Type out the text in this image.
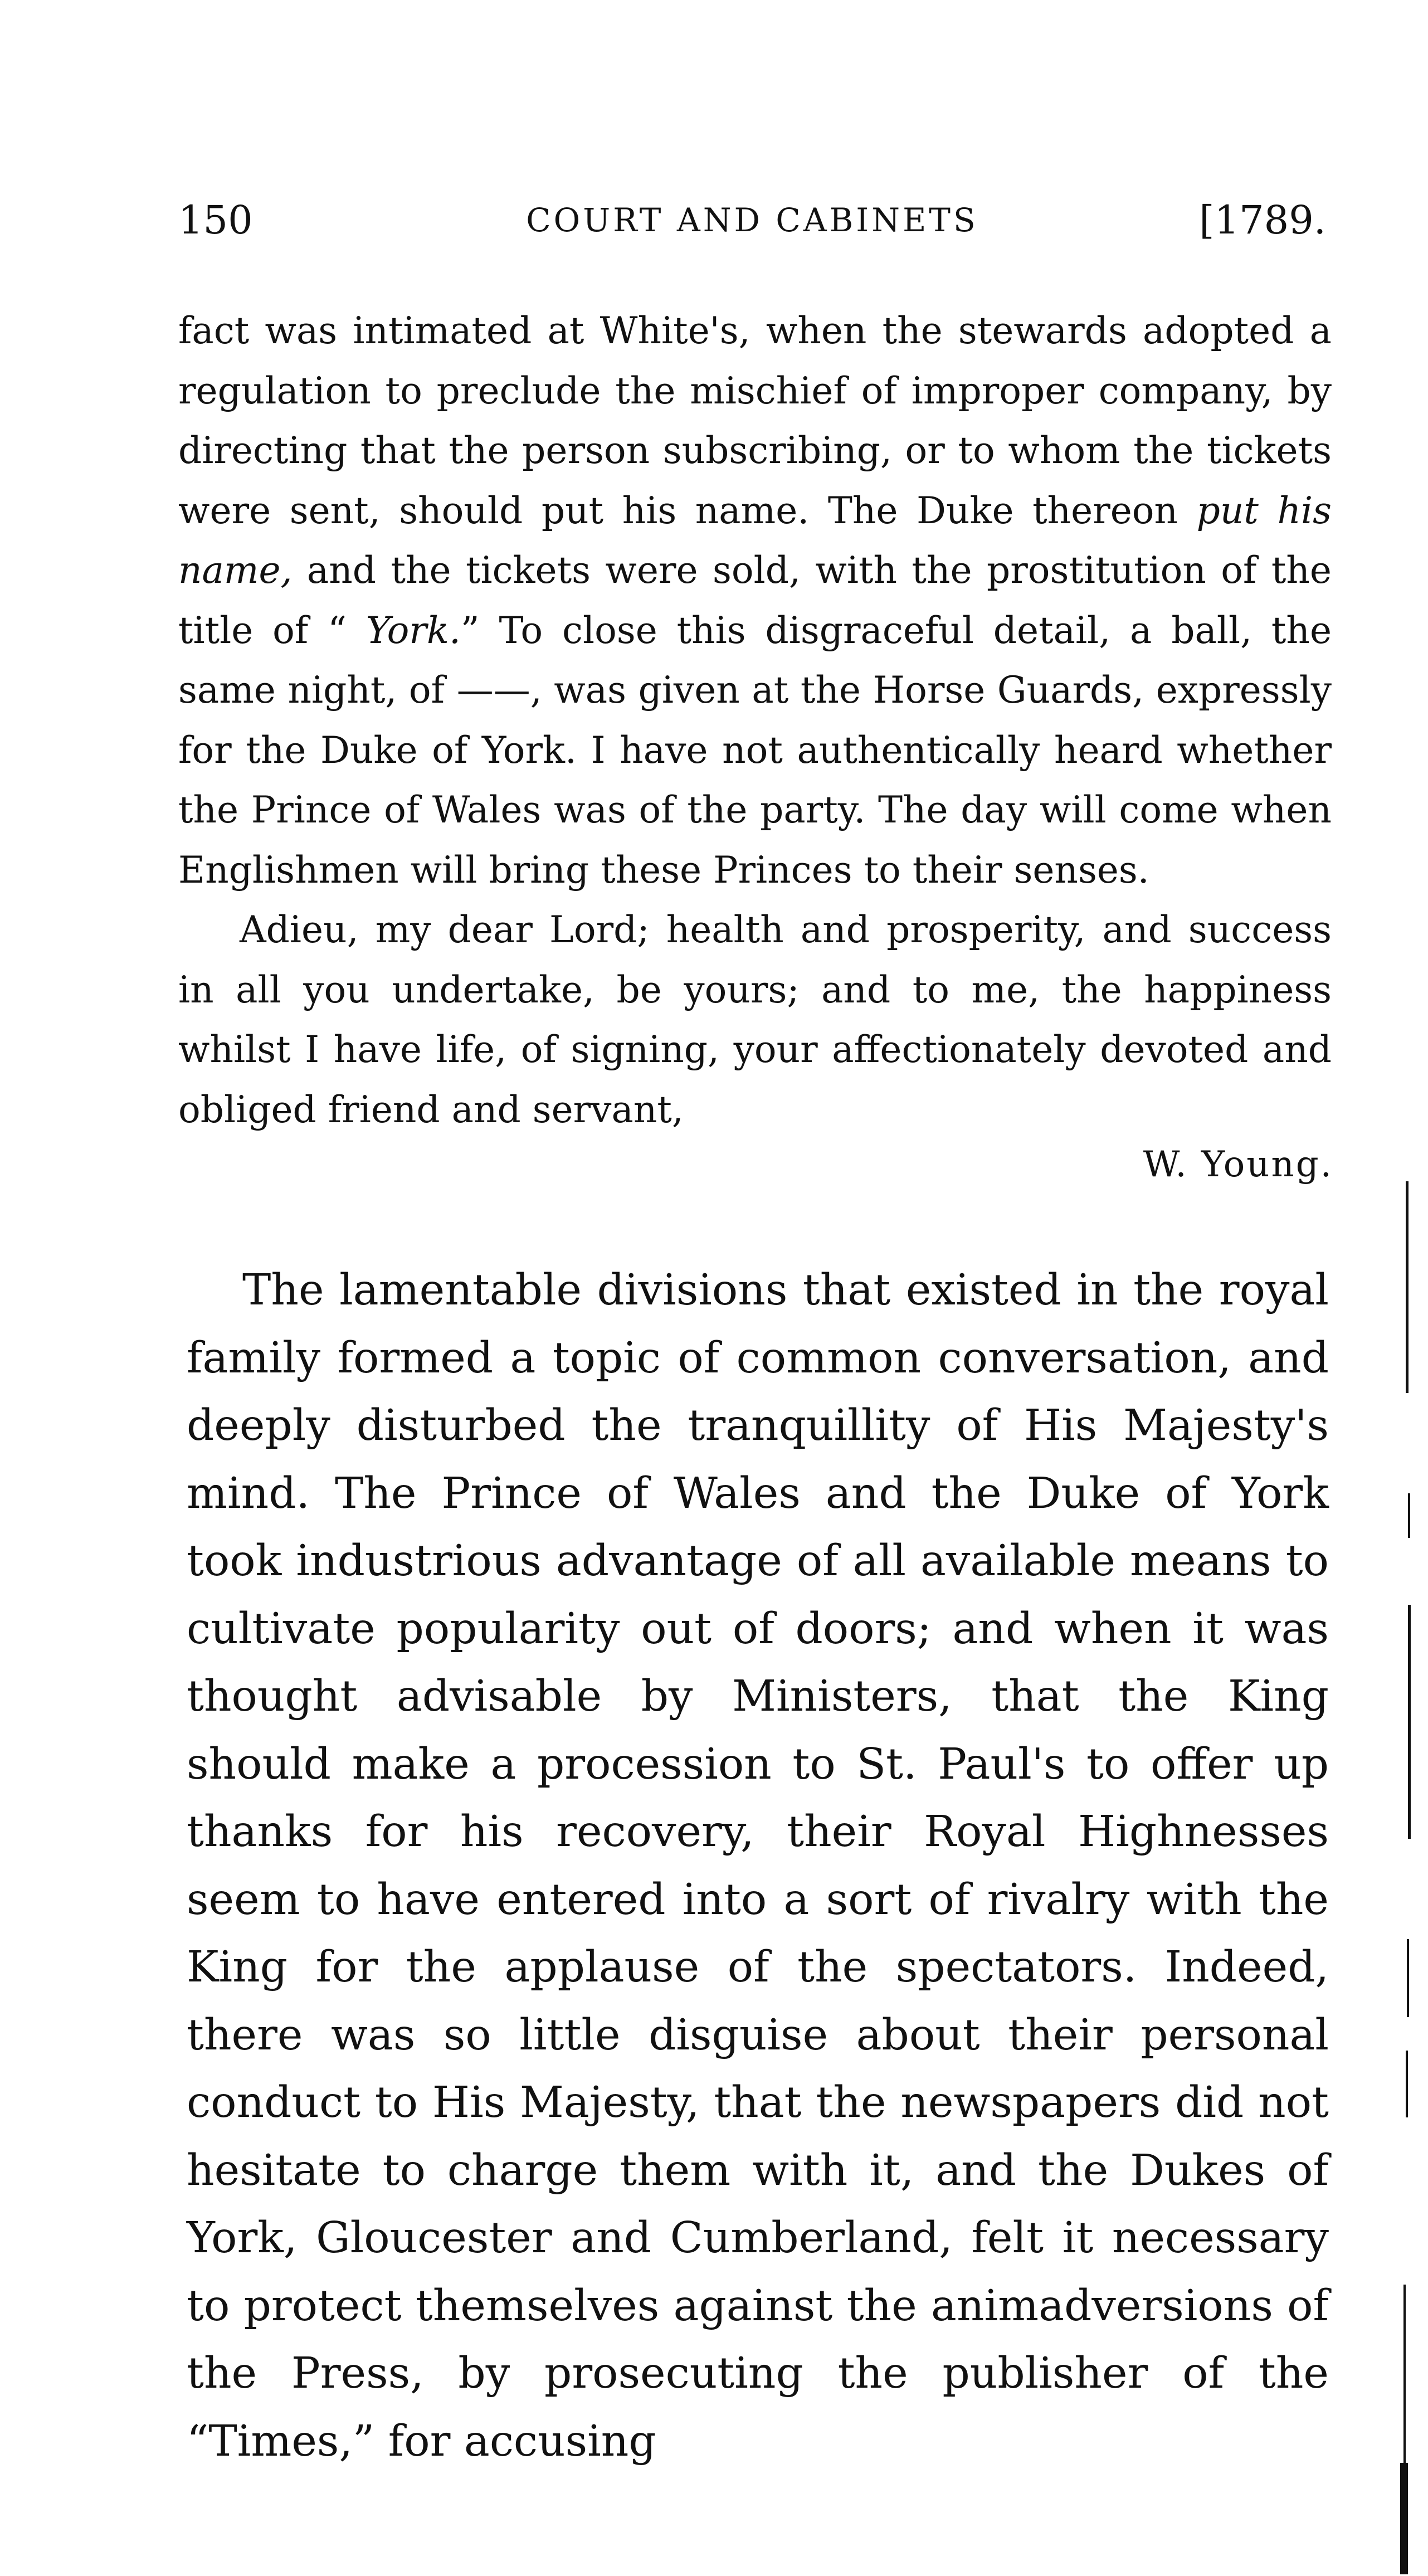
150	COURT AND CABINETS	[1789.

fact was intimated at White's, when the stewards adopted a regulation to preclude the mischief of improper company, by directing that the person subscribing, or to whom the tickets were sent, should put his name. The Duke thereon put his name, and the tickets were sold, with the prostitution of the title of “ York.” To close this disgraceful detail, a ball, the same night, of ——, was given at the Horse Guards, expressly for the Duke of York. I have not authentically heard whether the Prince of Wales was of the party. The day will come when Englishmen will bring these Princes to their senses.

Adieu, my dear Lord; health and prosperity, and success in all you undertake, be yours; and to me, the happiness whilst I have life, of signing, your affectionately devoted and obliged friend and servant,

W. Young.

The lamentable divisions that existed in the royal family formed a topic of common conversation, and deeply disturbed the tranquillity of His Majesty's mind. The Prince of Wales and the Duke of York took industrious advantage of all available means to cultivate popularity out of doors; and when it was thought advisable by Ministers, that the King should make a procession to St. Paul's to offer up thanks for his recovery, their Royal Highnesses seem to have entered into a sort of rivalry with the King for the applause of the spectators. Indeed, there was so little disguise about their personal conduct to His Majesty, that the newspapers did not hesitate to charge them with it, and the Dukes of York, Gloucester and Cumberland, felt it necessary to protect themselves against the animadversions of the Press, by prosecuting the publisher of the “Times,” for accusing
